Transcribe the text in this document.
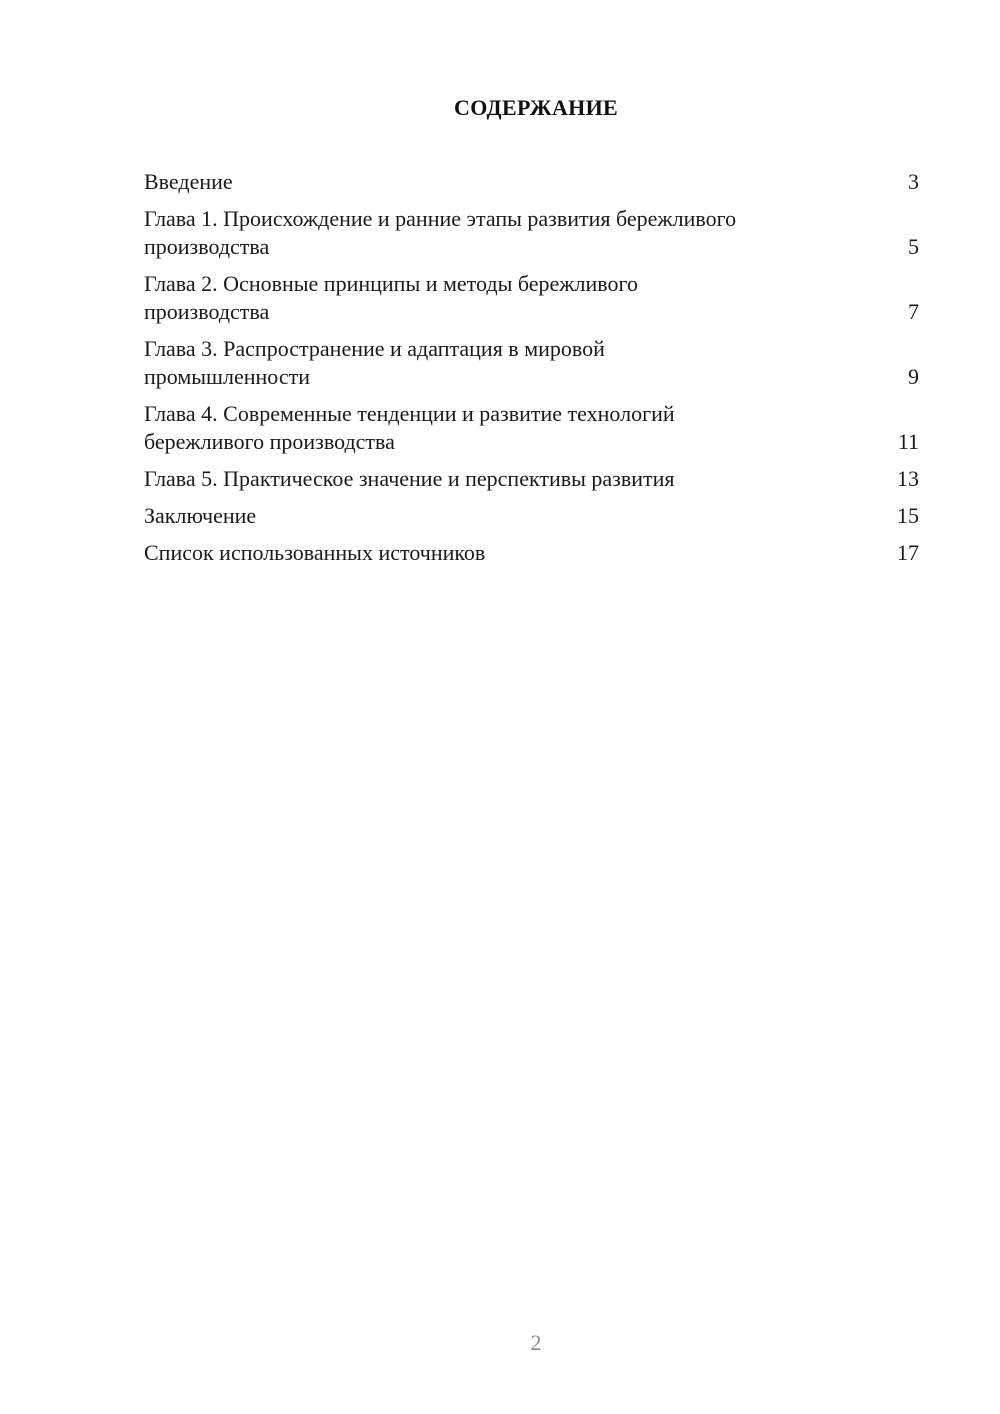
СОДЕРЖАНИЕ
Введение	3
Глава 1. Происхождение и ранние этапы развития бережливого
производства	5
Глава 2. Основные принципы и методы бережливого
производства	7
Глава 3. Распространение и адаптация в мировой
промышленности	9
Глава 4. Современные тенденции и развитие технологий
бережливого производства	11
Глава 5. Практическое значение и перспективы развития	13
Заключение	15
Список использованных источников	17
2
